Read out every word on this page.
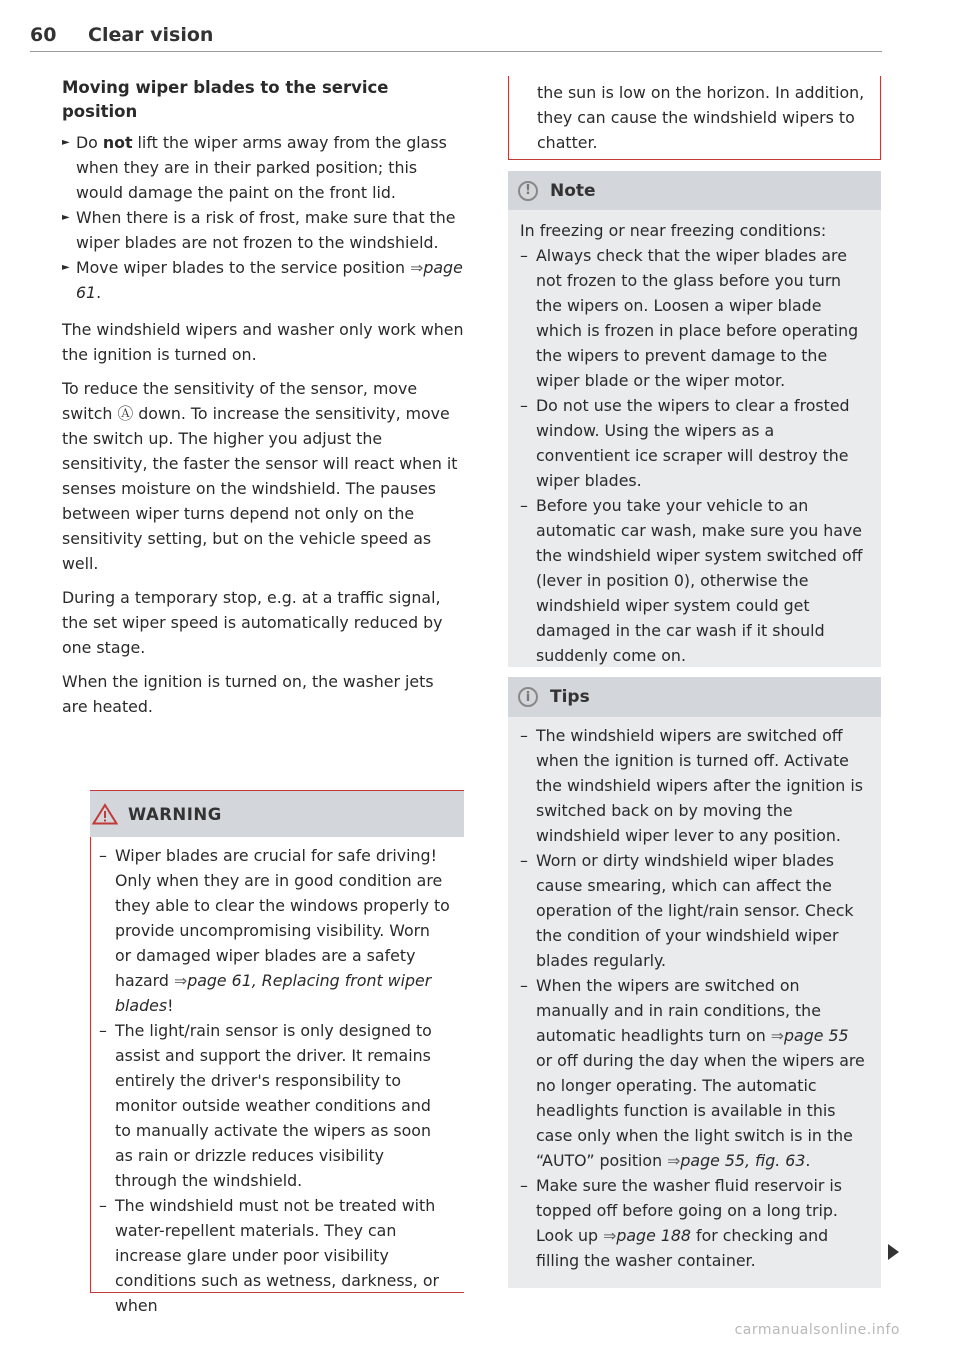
60 Clear vision

Moving wiper blades to the service position

► Do not lift the wiper arms away from the glass when they are in their parked position; this would damage the paint on the front lid.
► When there is a risk of frost, make sure that the wiper blades are not frozen to the windshield.
► Move wiper blades to the service position ⇒page 61.

The windshield wipers and washer only work when the ignition is turned on.

To reduce the sensitivity of the sensor, move switch Ⓐ down. To increase the sensitivity, move the switch up. The higher you adjust the sensitivity, the faster the sensor will react when it senses moisture on the windshield. The pauses between wiper turns depend not only on the sensitivity setting, but on the vehicle speed as well.

During a temporary stop, e.g. at a traffic signal, the set wiper speed is automatically reduced by one stage.

When the ignition is turned on, the washer jets are heated.

WARNING
– Wiper blades are crucial for safe driving! Only when they are in good condition are they able to clear the windows properly to provide uncompromising visibility. Worn or damaged wiper blades are a safety hazard ⇒page 61, Replacing front wiper blades!
– The light/rain sensor is only designed to assist and support the driver. It remains entirely the driver's responsibility to monitor outside weather conditions and to manually activate the wipers as soon as rain or drizzle reduces visibility through the windshield.
– The windshield must not be treated with water-repellent materials. They can increase glare under poor visibility conditions such as wetness, darkness, or when

the sun is low on the horizon. In addition, they can cause the windshield wipers to chatter.

!	Note

In freezing or near freezing conditions:

– Always check that the wiper blades are not frozen to the glass before you turn the wipers on. Loosen a wiper blade which is frozen in place before operating the wipers to prevent damage to the wiper blade or the wiper motor.
– Do not use the wipers to clear a frosted window. Using the wipers as a conventient ice scraper will destroy the wiper blades.
– Before you take your vehicle to an automatic car wash, make sure you have the windshield wiper system switched off (lever in position 0), otherwise the windshield wiper system could get damaged in the car wash if it should suddenly come on.
i	Tips
– The windshield wipers are switched off when the ignition is turned off. Activate the windshield wipers after the ignition is switched back on by moving the windshield wiper lever to any position.
– Worn or dirty windshield wiper blades cause smearing, which can affect the operation of the light/rain sensor. Check the condition of your windshield wiper blades regularly.
– When the wipers are switched on manually and in rain conditions, the automatic headlights turn on ⇒page 55 or off during the day when the wipers are no longer operating. The automatic headlights function is available in this case only when the light switch is in the “AUTO” position ⇒page 55, fig. 63.
– Make sure the washer fluid reservoir is topped off before going on a long trip. Look up ⇒page 188 for checking and filling the washer container.
carmanualsonline.info
